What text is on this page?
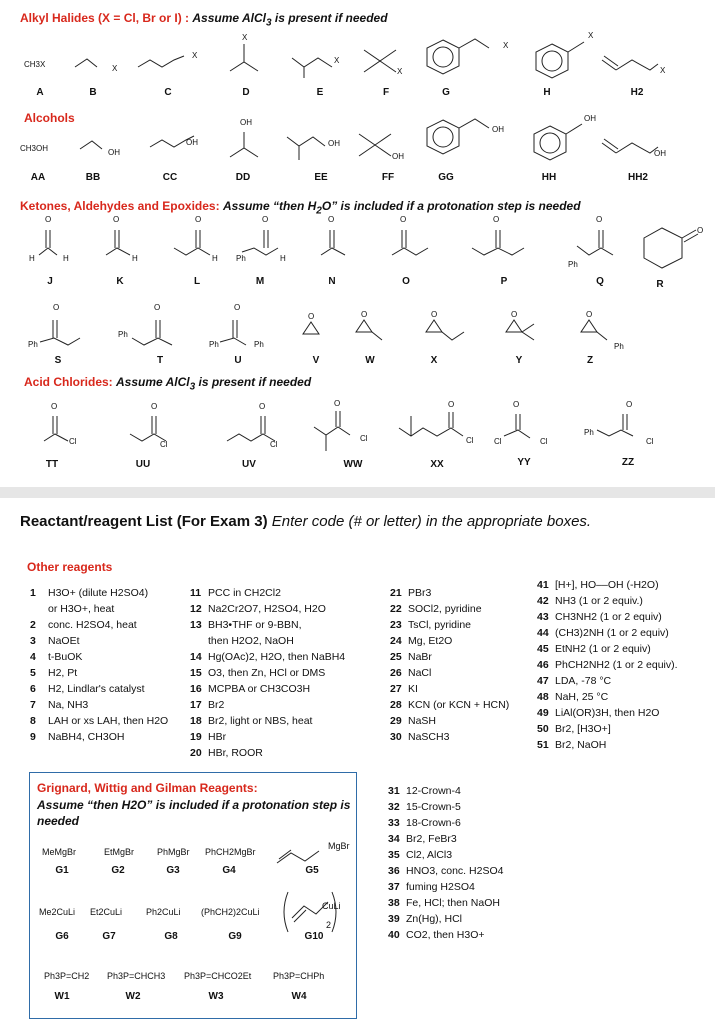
Alkyl Halides (X = Cl, Br or I) : Assume AlCl$_3$ is present if needed
CH3X	X
X
X
X
X
X
X
X
A	B	C	D	E	F	G	H	H2
Alcohols
CH3OH	OH
OH
OH
OH
OH
OH
OH
OH
AA	BB	CC	DD	EE	FF	GG	HH	HH2
Ketones, Aldehydes and Epoxides: Assume “then $H_2O$” is included if a protonation step is needed
O
H	H
O
H
O
H
O
Ph	H
O	O	O	O
Ph
O
J	K	L	M	N	O	P	Q	R
O
Ph
O
Ph
O
Ph	Ph
O	O	O	O	O
Ph
S	T	U	V	W	X	Y	Z
Acid Chlorides: Assume AlCl$_3$ is present if needed
O
Cl
O
Cl
O
Cl
O
Cl
O
Cl
O
Cl	Cl
O
Ph
Cl
TT	UU	UV	WW	XX	YY	ZZ
Reactant/reagent List (For Exam 3) Enter code (# or letter) in the appropriate boxes.
Other reagents
1 H3O+ (dilute H2SO4)
or H3O+, heat
2 conc. H2SO4, heat
3 NaOEt
4 t-BuOK
5 H2, Pt
6 H2, Lindlar's catalyst
7 Na, NH3
8 LAH or xs LAH, then H2O
9 NaBH4, CH3OH
11 PCC in CH2Cl2
12 Na2Cr2O7, H2SO4, H2O
13 BH3•THF or 9-BBN,
then H2O2, NaOH
14 Hg(OAc)2, H2O, then NaBH4
15 O3, then Zn, HCl or DMS
16 MCPBA or CH3CO3H
17 Br2
18 Br2, light or NBS, heat
19 HBr
20 HBr, ROOR
21 PBr3
22 SOCl2, pyridine
23 TsCl, pyridine
24 Mg, Et2O
25 NaBr
26 NaCl
27 KI
28 KCN (or KCN + HCN)
29 NaSH
30 NaSCH3
41 [H+], HO––OH (-H2O)
42 NH3 (1 or 2 equiv.)
43 CH3NH2 (1 or 2 equiv)
44 (CH3)2NH (1 or 2 equiv)
45 EtNH2 (1 or 2 equiv)
46 PhCH2NH2 (1 or 2 equiv).
47 LDA, -78 °C
48 NaH, 25 °C
49 LiAl(OR)3H, then H2O
50 Br2, [H3O+]
51 Br2, NaOH
31 12-Crown-4
32 15-Crown-5
33 18-Crown-6
34 Br2, FeBr3
35 Cl2, AlCl3
36 HNO3, conc. H2SO4
37 fuming H2SO4
38 Fe, HCl; then NaOH
39 Zn(Hg), HCl
40 CO2, then H3O+
Grignard, Wittig and Gilman Reagents:
Assume “then H2O” is included if a protonation step is needed
MeMgBr	EtMgBr	PhMgBr PhCH2MgBr
MgBr
G1	G2	G3	G4	G5
Me2CuLi Et2CuLi	Ph2CuLi (PhCH2)2CuLi
CuLi
2
G6	G7	G8	G9	G10
Ph3P=CH2 Ph3P=CHCH3 Ph3P=CHCO2Et Ph3P=CHPh
W1	W2	W3	W4
